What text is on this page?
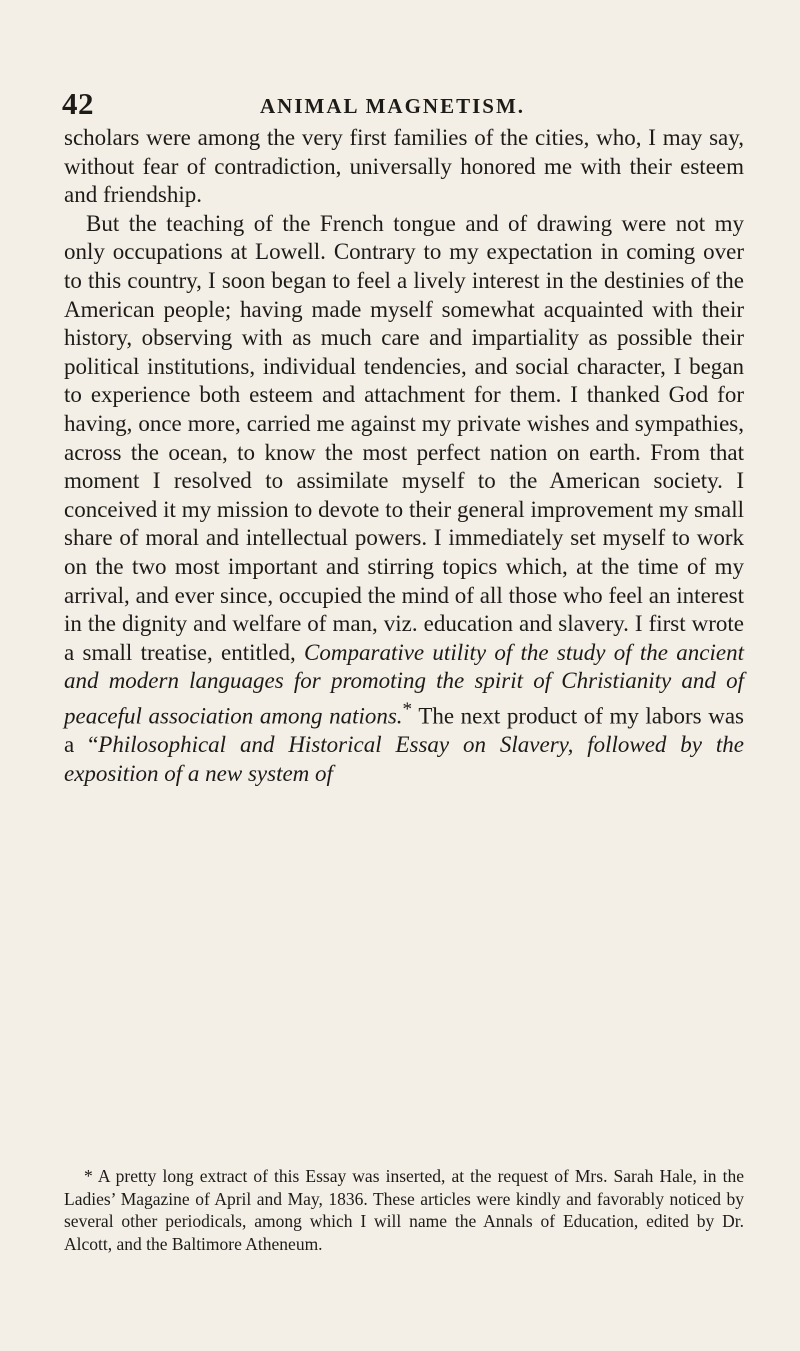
42	ANIMAL MAGNETISM.

scholars were among the very first families of the cities, who, I may say, without fear of contradiction, universally honored me with their esteem and friendship.

But the teaching of the French tongue and of drawing were not my only occupations at Lowell. Contrary to my expectation in coming over to this country, I soon began to feel a lively interest in the destinies of the American people; having made myself somewhat acquainted with their history, observing with as much care and impartiality as possible their political institutions, individual tendencies, and social character, I began to experience both esteem and attachment for them. I thanked God for having, once more, carried me against my private wishes and sympathies, across the ocean, to know the most perfect nation on earth. From that moment I resolved to assimilate myself to the American society. I conceived it my mission to devote to their general improvement my small share of moral and intellectual powers. I immediately set myself to work on the two most important and stirring topics which, at the time of my arrival, and ever since, occupied the mind of all those who feel an interest in the dignity and welfare of man, viz. education and slavery. I first wrote a small treatise, entitled, Comparative utility of the study of the ancient and modern languages for promoting the spirit of Christianity and of peaceful association among nations.* The next product of my labors was a “Philosophical and Historical Essay on Slavery, followed by the exposition of a new system of

* A pretty long extract of this Essay was inserted, at the request of Mrs. Sarah Hale, in the Ladies’ Magazine of April and May, 1836. These articles were kindly and favorably noticed by several other periodicals, among which I will name the Annals of Education, edited by Dr. Alcott, and the Baltimore Atheneum.
